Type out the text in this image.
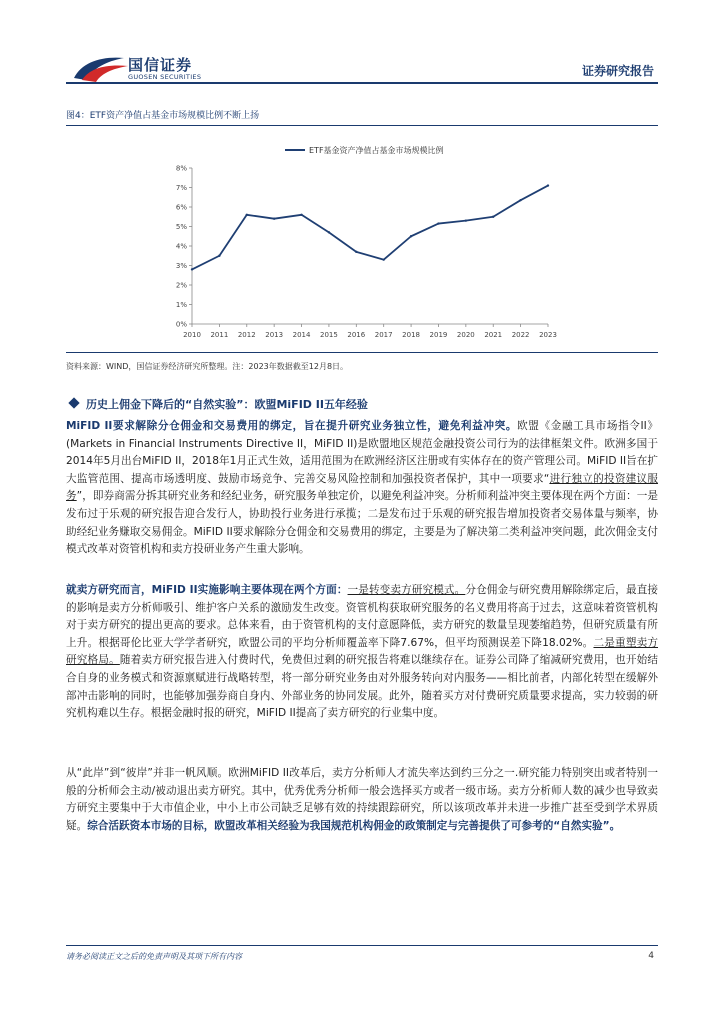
国信证券
GUOSEN SECURITIES	证券研究报告
图4：ETF资产净值占基金市场规模比例不断上扬
ETF基金资产净值占基金市场规模比例
0%
1%
2%
3%
4%
5%
6%
7%
8%
2010 2011 2012 2013 2014 2015 2016 2017 2018 2019 2020 2021 2022 2023
资料来源：WIND，国信证券经济研究所整理。注：2023年数据截至12月8日。
历史上佣金下降后的“自然实验”：欧盟MiFID II五年经验
MiFID II要求解除分仓佣金和交易费用的绑定，旨在提升研究业务独立性，避免利益冲突。欧盟《金融工具市场指令II》(Markets in Financial Instruments Directive II，MiFID II)是欧盟地区规范金融投资公司行为的法律框架文件。欧洲多国于2014年5月出台MiFID II，2018年1月正式生效，适用范围为在欧洲经济区注册或有实体存在的资产管理公司。MiFID II旨在扩大监管范围、提高市场透明度、鼓励市场竞争、完善交易风险控制和加强投资者保护，其中一项要求“进行独立的投资建议服务”，即券商需分拆其研究业务和经纪业务，研究服务单独定价，以避免利益冲突。分析师利益冲突主要体现在两个方面：一是发布过于乐观的研究报告迎合发行人，协助投行业务进行承揽；二是发布过于乐观的研究报告增加投资者交易体量与频率，协助经纪业务赚取交易佣金。MiFID II要求解除分仓佣金和交易费用的绑定，主要是为了解决第二类利益冲突问题，此次佣金支付模式改革对资管机构和卖方投研业务产生重大影响。
就卖方研究而言，MiFID II实施影响主要体现在两个方面：一是转变卖方研究模式。分仓佣金与研究费用解除绑定后，最直接的影响是卖方分析师吸引、维护客户关系的激励发生改变。资管机构获取研究服务的名义费用将高于过去，这意味着资管机构对于卖方研究的提出更高的要求。总体来看，由于资管机构的支付意愿降低，卖方研究的数量呈现萎缩趋势，但研究质量有所上升。根据哥伦比亚大学学者研究，欧盟公司的平均分析师覆盖率下降7.67%，但平均预测误差下降18.02%。二是重塑卖方研究格局。随着卖方研究报告进入付费时代，免费但过剩的研究报告将难以继续存在。证券公司降了缩减研究费用，也开始结合自身的业务模式和资源禀赋进行战略转型，将一部分研究业务由对外服务转向对内服务——相比前者，内部化转型在缓解外部冲击影响的同时，也能够加强券商自身内、外部业务的协同发展。此外，随着买方对付费研究质量要求提高，实力较弱的研究机构难以生存。根据金融时报的研究，MiFID II提高了卖方研究的行业集中度。
从“此岸”到“彼岸”并非一帆风顺。欧洲MiFID II改革后，卖方分析师人才流失率达到约三分之一.研究能力特别突出或者特别一般的分析师会主动/被动退出卖方研究。其中，优秀优秀分析师一般会选择买方或者一级市场。卖方分析师人数的减少也导致卖方研究主要集中于大市值企业，中小上市公司缺乏足够有效的持续跟踪研究，所以该项改革并未进一步推广甚至受到学术界质疑。综合活跃资本市场的目标，欧盟改革相关经验为我国规范机构佣金的政策制定与完善提供了可参考的“自然实验”。
请务必阅读正文之后的免责声明及其项下所有内容	4
